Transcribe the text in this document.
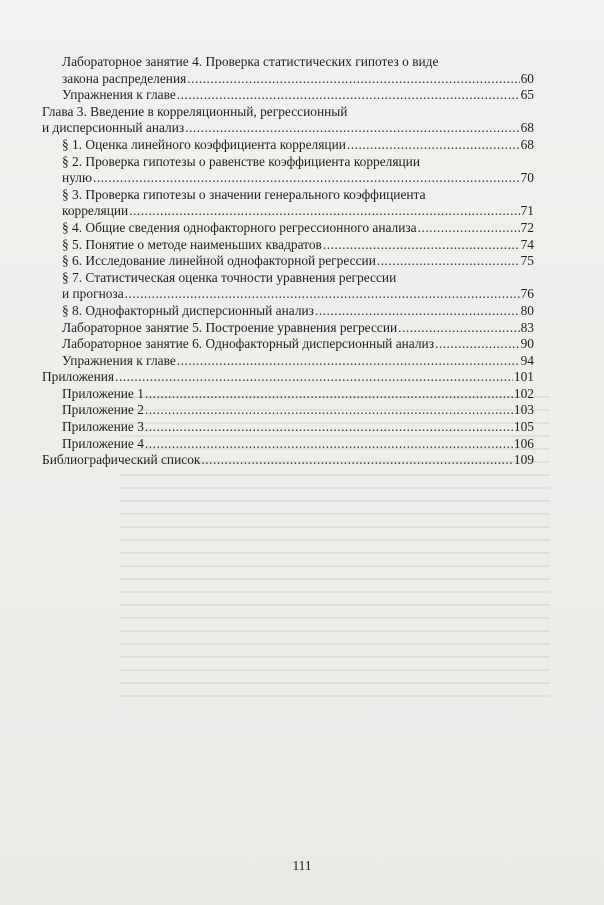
Лабораторное занятие 4. Проверка статистических гипотез о виде
закона распределения .....	60
Упражнения к главе .....	65
Глава 3. Введение в корреляционный, регрессионный
и дисперсионный анализ .....	68
§ 1. Оценка линейного коэффициента корреляции .....	68
§ 2. Проверка гипотезы о равенстве коэффициента корреляции
нулю .....	70
§ 3. Проверка гипотезы о значении генерального коэффициента
корреляции .....	71
§ 4. Общие сведения однофакторного регрессионного анализа .....	72
§ 5. Понятие о методе наименьших квадратов .....	74
§ 6. Исследование линейной однофакторной регрессии .....	75
§ 7. Статистическая оценка точности уравнения регрессии
и прогноза .....	76
§ 8. Однофакторный дисперсионный анализ .....	80
Лабораторное занятие 5. Построение уравнения регрессии .....	83
Лабораторное занятие 6. Однофакторный дисперсионный анализ .....	90
Упражнения к главе .....	94
Приложения .....	101
Приложение 1 .....	102
Приложение 2 .....	103
Приложение 3 .....	105
Приложение 4 .....	106
Библиографический список .....	109
111
